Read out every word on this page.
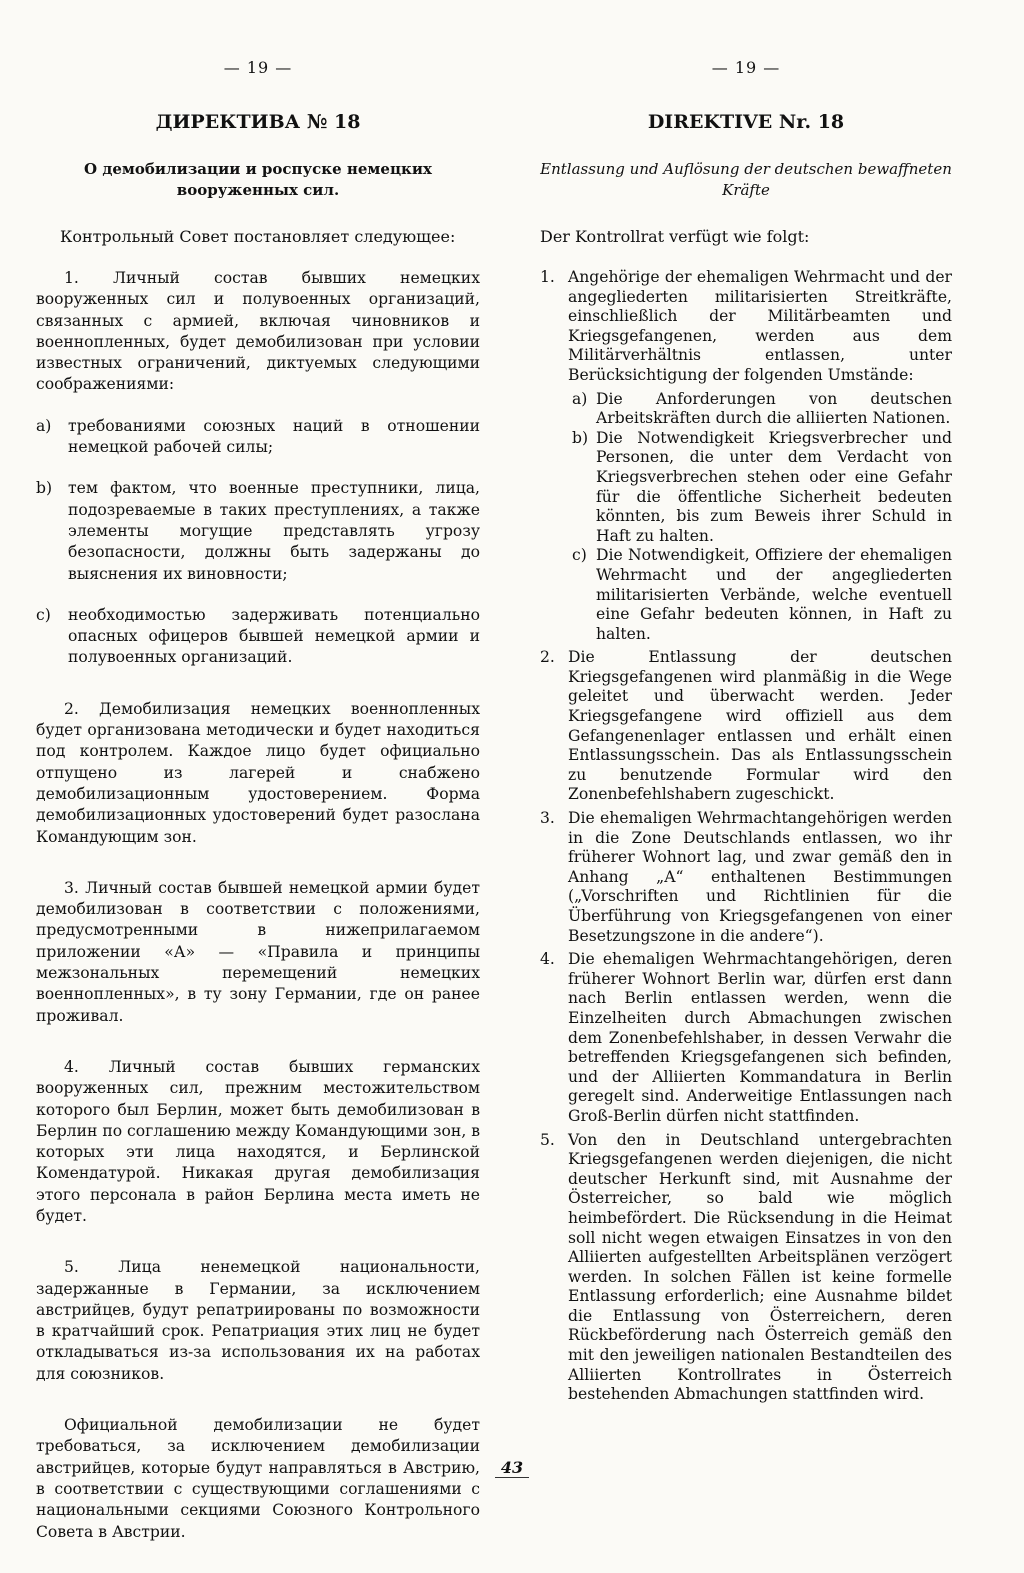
— 19 —
ДИРЕКТИВА № 18
О демобилизации и роспуске немецких вооруженных сил.
Контрольный Совет постановляет следующее:

1. Личный состав бывших немецких вооруженных сил и полувоенных организаций, связанных с армией, включая чиновников и военнопленных, будет демобилизован при условии известных ограничений, диктуемых следующими соображениями:

a) требованиями союзных наций в отношении немецкой рабочей силы;
b) тем фактом, что военные преступники, лица, подозреваемые в таких преступлениях, а также элементы могущие представлять угрозу безопасности, должны быть задержаны до выяснения их виновности;
c) необходимостью задерживать потенциально опасных офицеров бывшей немецкой армии и полувоенных организаций.

2. Демобилизация немецких военнопленных будет организована методически и будет находиться под контролем. Каждое лицо будет официально отпущено из лагерей и снабжено демобилизационным удостоверением. Форма демобилизационных удостоверений будет разослана Командующим зон.

3. Личный состав бывшей немецкой армии будет демобилизован в соответствии с положениями, предусмотренными в нижеприлагаемом приложении «А» — «Правила и принципы межзональных перемещений немецких военнопленных», в ту зону Германии, где он ранее проживал.

4. Личный состав бывших германских вооруженных сил, прежним местожительством которого был Берлин, может быть демобилизован в Берлин по соглашению между Командующими зон, в которых эти лица находятся, и Берлинской Комендатурой. Никакая другая демобилизация этого персонала в район Берлина места иметь не будет.

5. Лица ненемецкой национальности, задержанные в Германии, за исключением австрийцев, будут репатриированы по возможности в кратчайший срок. Репатриация этих лиц не будет откладываться из-за использования их на работах для союзников.

Официальной демобилизации не будет требоваться, за исключением демобилизации австрийцев, которые будут направляться в Австрию, в соответствии с существующими соглашениями с национальными секциями Союзного Контрольного Совета в Австрии.

— 19 —
DIREKTIVE Nr. 18
Entlassung und Auflösung der deutschen bewaffneten Kräfte
Der Kontrollrat verfügt wie folgt:
1. Angehörige der ehemaligen Wehrmacht und der angegliederten militarisierten Streitkräfte, einschließlich der Militärbeamten und Kriegsgefangenen, werden aus dem Militärverhältnis entlassen, unter Berücksichtigung der folgenden Umstände:
a) Die Anforderungen von deutschen Arbeitskräften durch die alliierten Nationen.
b) Die Notwendigkeit Kriegsverbrecher und Personen, die unter dem Verdacht von Kriegsverbrechen stehen oder eine Gefahr für die öffentliche Sicherheit bedeuten könnten, bis zum Beweis ihrer Schuld in Haft zu halten.
c) Die Notwendigkeit, Offiziere der ehemaligen Wehrmacht und der angegliederten militarisierten Verbände, welche eventuell eine Gefahr bedeuten können, in Haft zu halten.
2. Die Entlassung der deutschen Kriegsgefangenen wird planmäßig in die Wege geleitet und überwacht werden. Jeder Kriegsgefangene wird offiziell aus dem Gefangenenlager entlassen und erhält einen Entlassungsschein. Das als Entlassungsschein zu benutzende Formular wird den Zonenbefehlshabern zugeschickt.
3. Die ehemaligen Wehrmachtangehörigen werden in die Zone Deutschlands entlassen, wo ihr früherer Wohnort lag, und zwar gemäß den in Anhang „A“ enthaltenen Bestimmungen („Vorschriften und Richtlinien für die Überführung von Kriegsgefangenen von einer Besetzungszone in die andere“).
4. Die ehemaligen Wehrmachtangehörigen, deren früherer Wohnort Berlin war, dürfen erst dann nach Berlin entlassen werden, wenn die Einzelheiten durch Abmachungen zwischen dem Zonenbefehlshaber, in dessen Verwahr die betreffenden Kriegsgefangenen sich befinden, und der Alliierten Kommandatura in Berlin geregelt sind. Anderweitige Entlassungen nach Groß-Berlin dürfen nicht stattfinden.
5. Von den in Deutschland untergebrachten Kriegsgefangenen werden diejenigen, die nicht deutscher Herkunft sind, mit Ausnahme der Österreicher, so bald wie möglich heimbefördert. Die Rücksendung in die Heimat soll nicht wegen etwaigen Einsatzes in von den Alliierten aufgestellten Arbeitsplänen verzögert werden. In solchen Fällen ist keine formelle Entlassung erforderlich; eine Ausnahme bildet die Entlassung von Österreichern, deren Rückbeförderung nach Österreich gemäß den mit den jeweiligen nationalen Bestandteilen des Alliierten Kontrollrates in Österreich bestehenden Abmachungen stattfinden wird.
43
